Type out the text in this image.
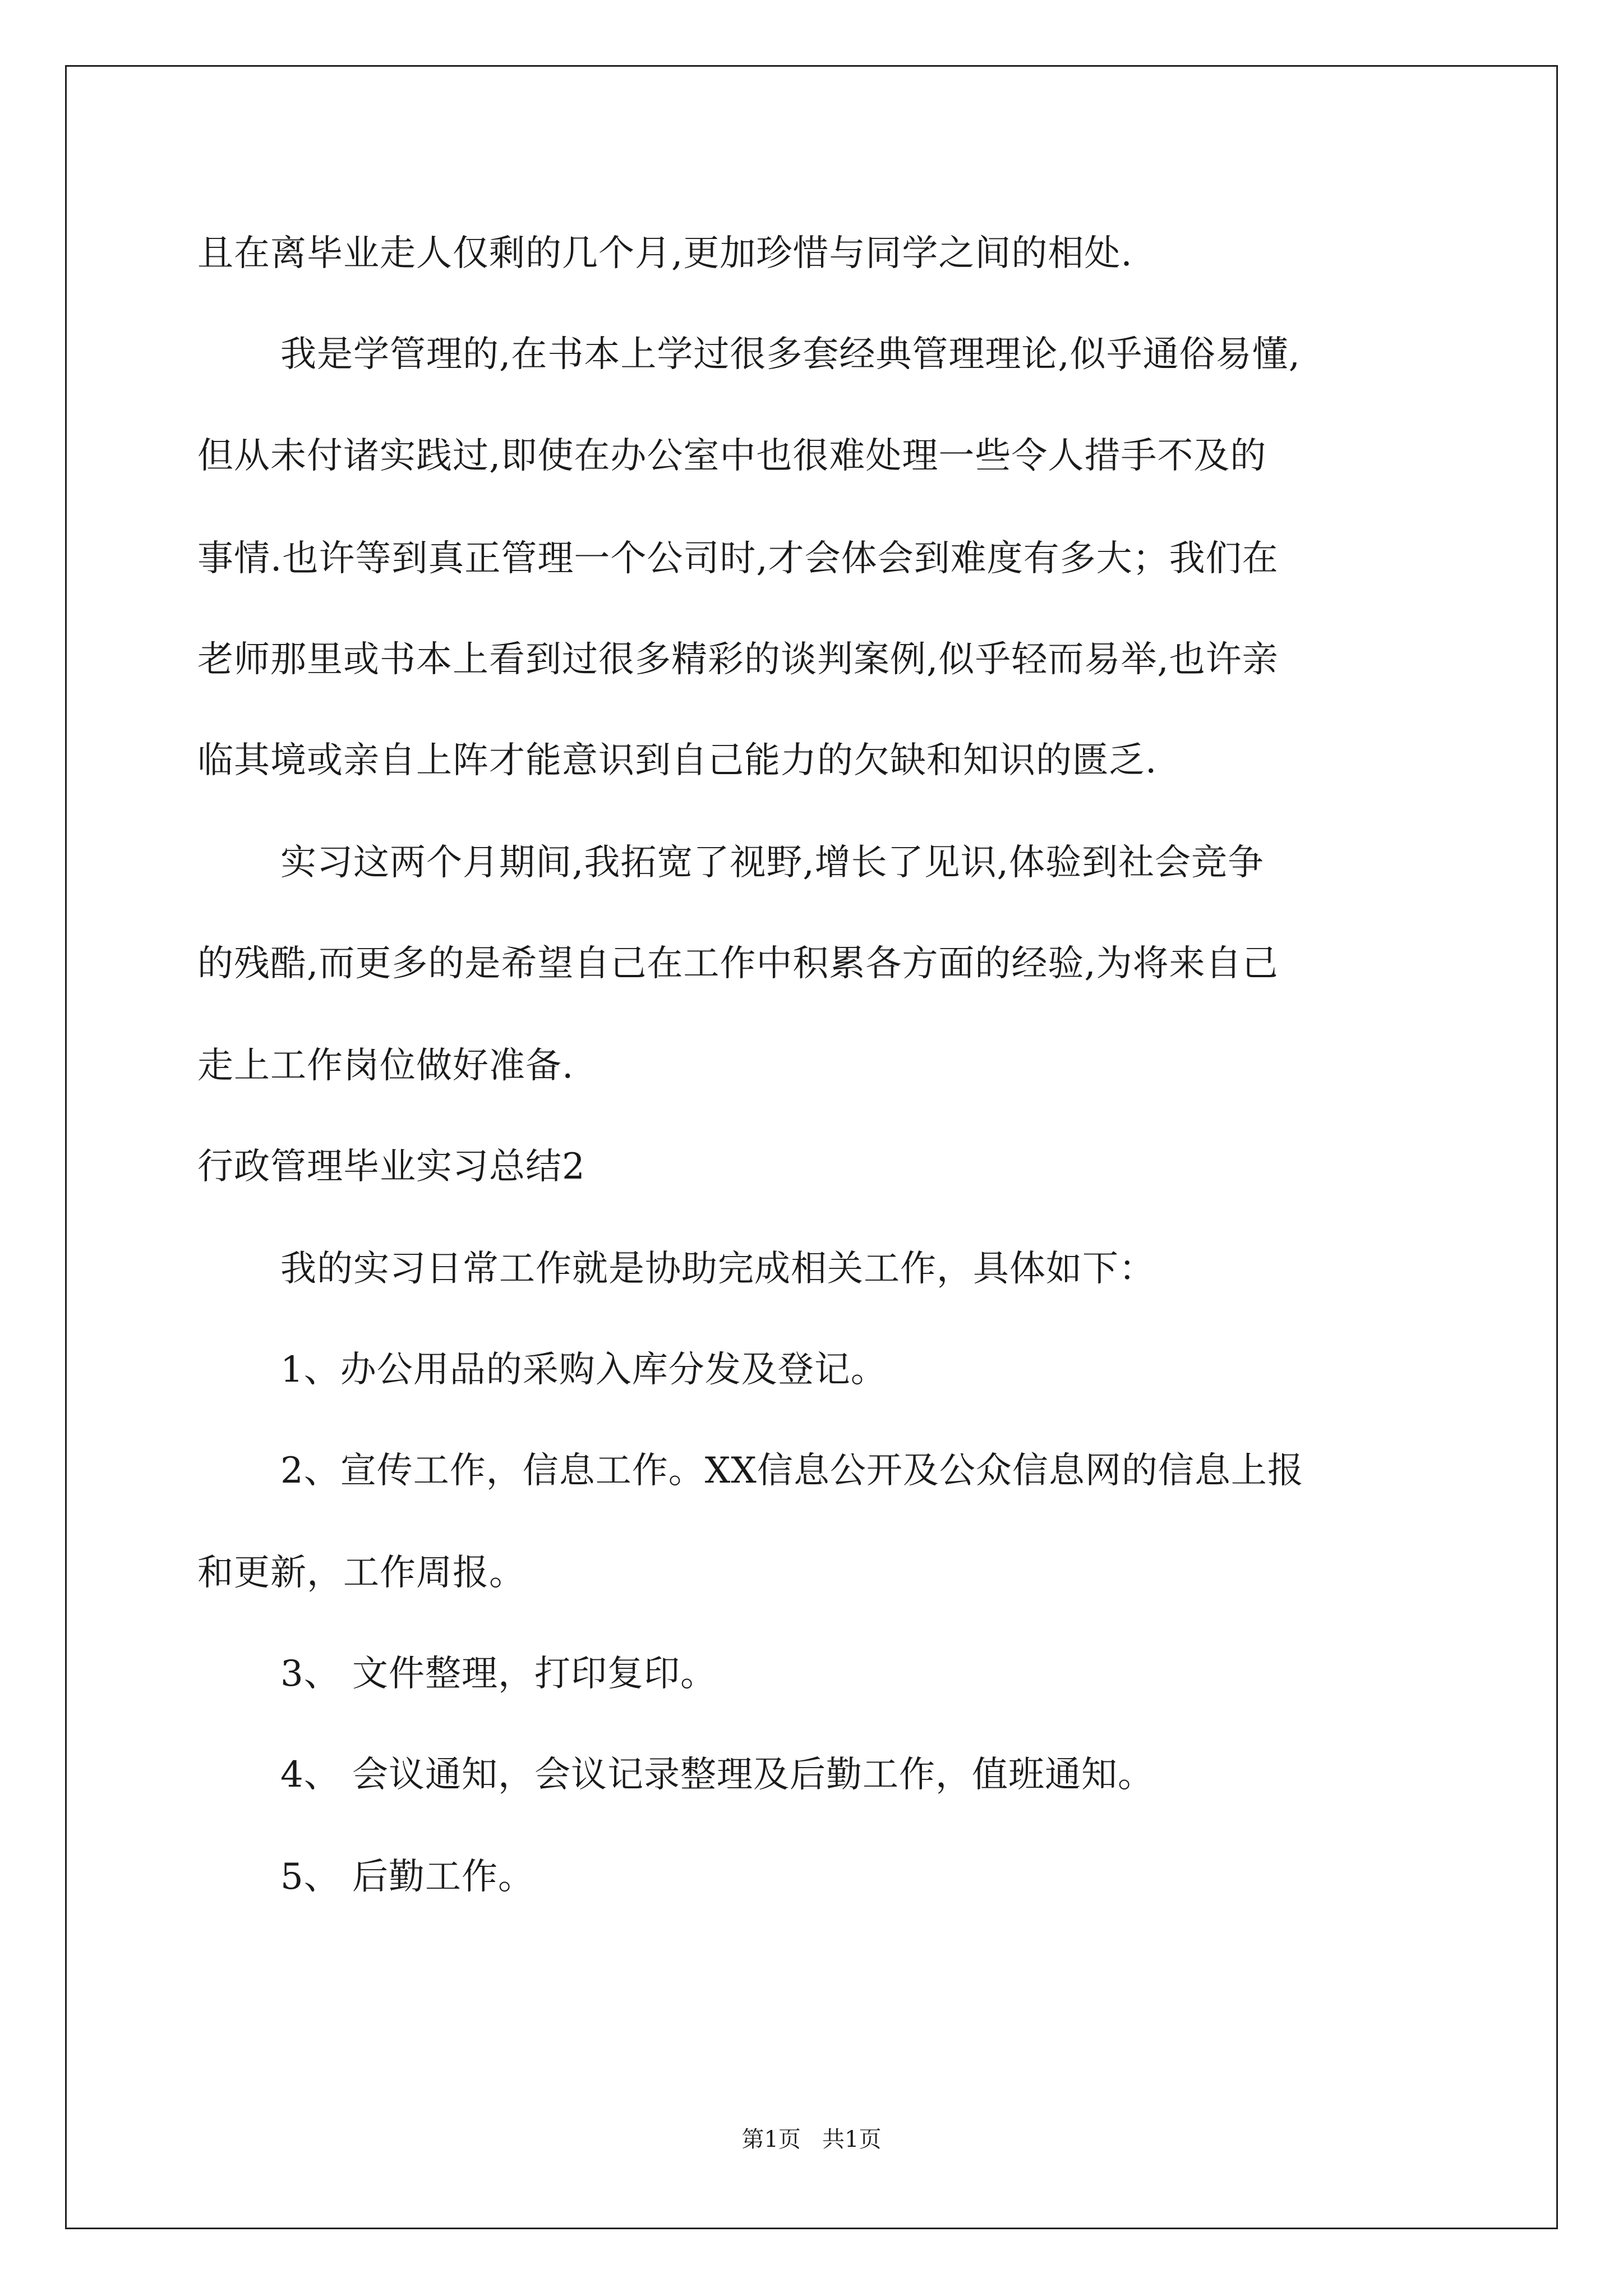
且在离毕业走人仅剩的几个月,更加珍惜与同学之间的相处.
我是学管理的,在书本上学过很多套经典管理理论,似乎通俗易懂,
但从未付诸实践过,即使在办公室中也很难处理一些令人措手不及的
事情.也许等到真正管理一个公司时,才会体会到难度有多大；我们在
老师那里或书本上看到过很多精彩的谈判案例,似乎轻而易举,也许亲
临其境或亲自上阵才能意识到自己能力的欠缺和知识的匮乏.
实习这两个月期间,我拓宽了视野,增长了见识,体验到社会竞争
的残酷,而更多的是希望自己在工作中积累各方面的经验,为将来自己
走上工作岗位做好准备.
行政管理毕业实习总结2
我的实习日常工作就是协助完成相关工作，具体如下：
1、办公用品的采购入库分发及登记。
2、宣传工作，信息工作。XX信息公开及公众信息网的信息上报
和更新，工作周报。
3、 文件整理，打印复印。
4、 会议通知，会议记录整理及后勤工作，值班通知。
5、 后勤工作。
第1页   共1页
